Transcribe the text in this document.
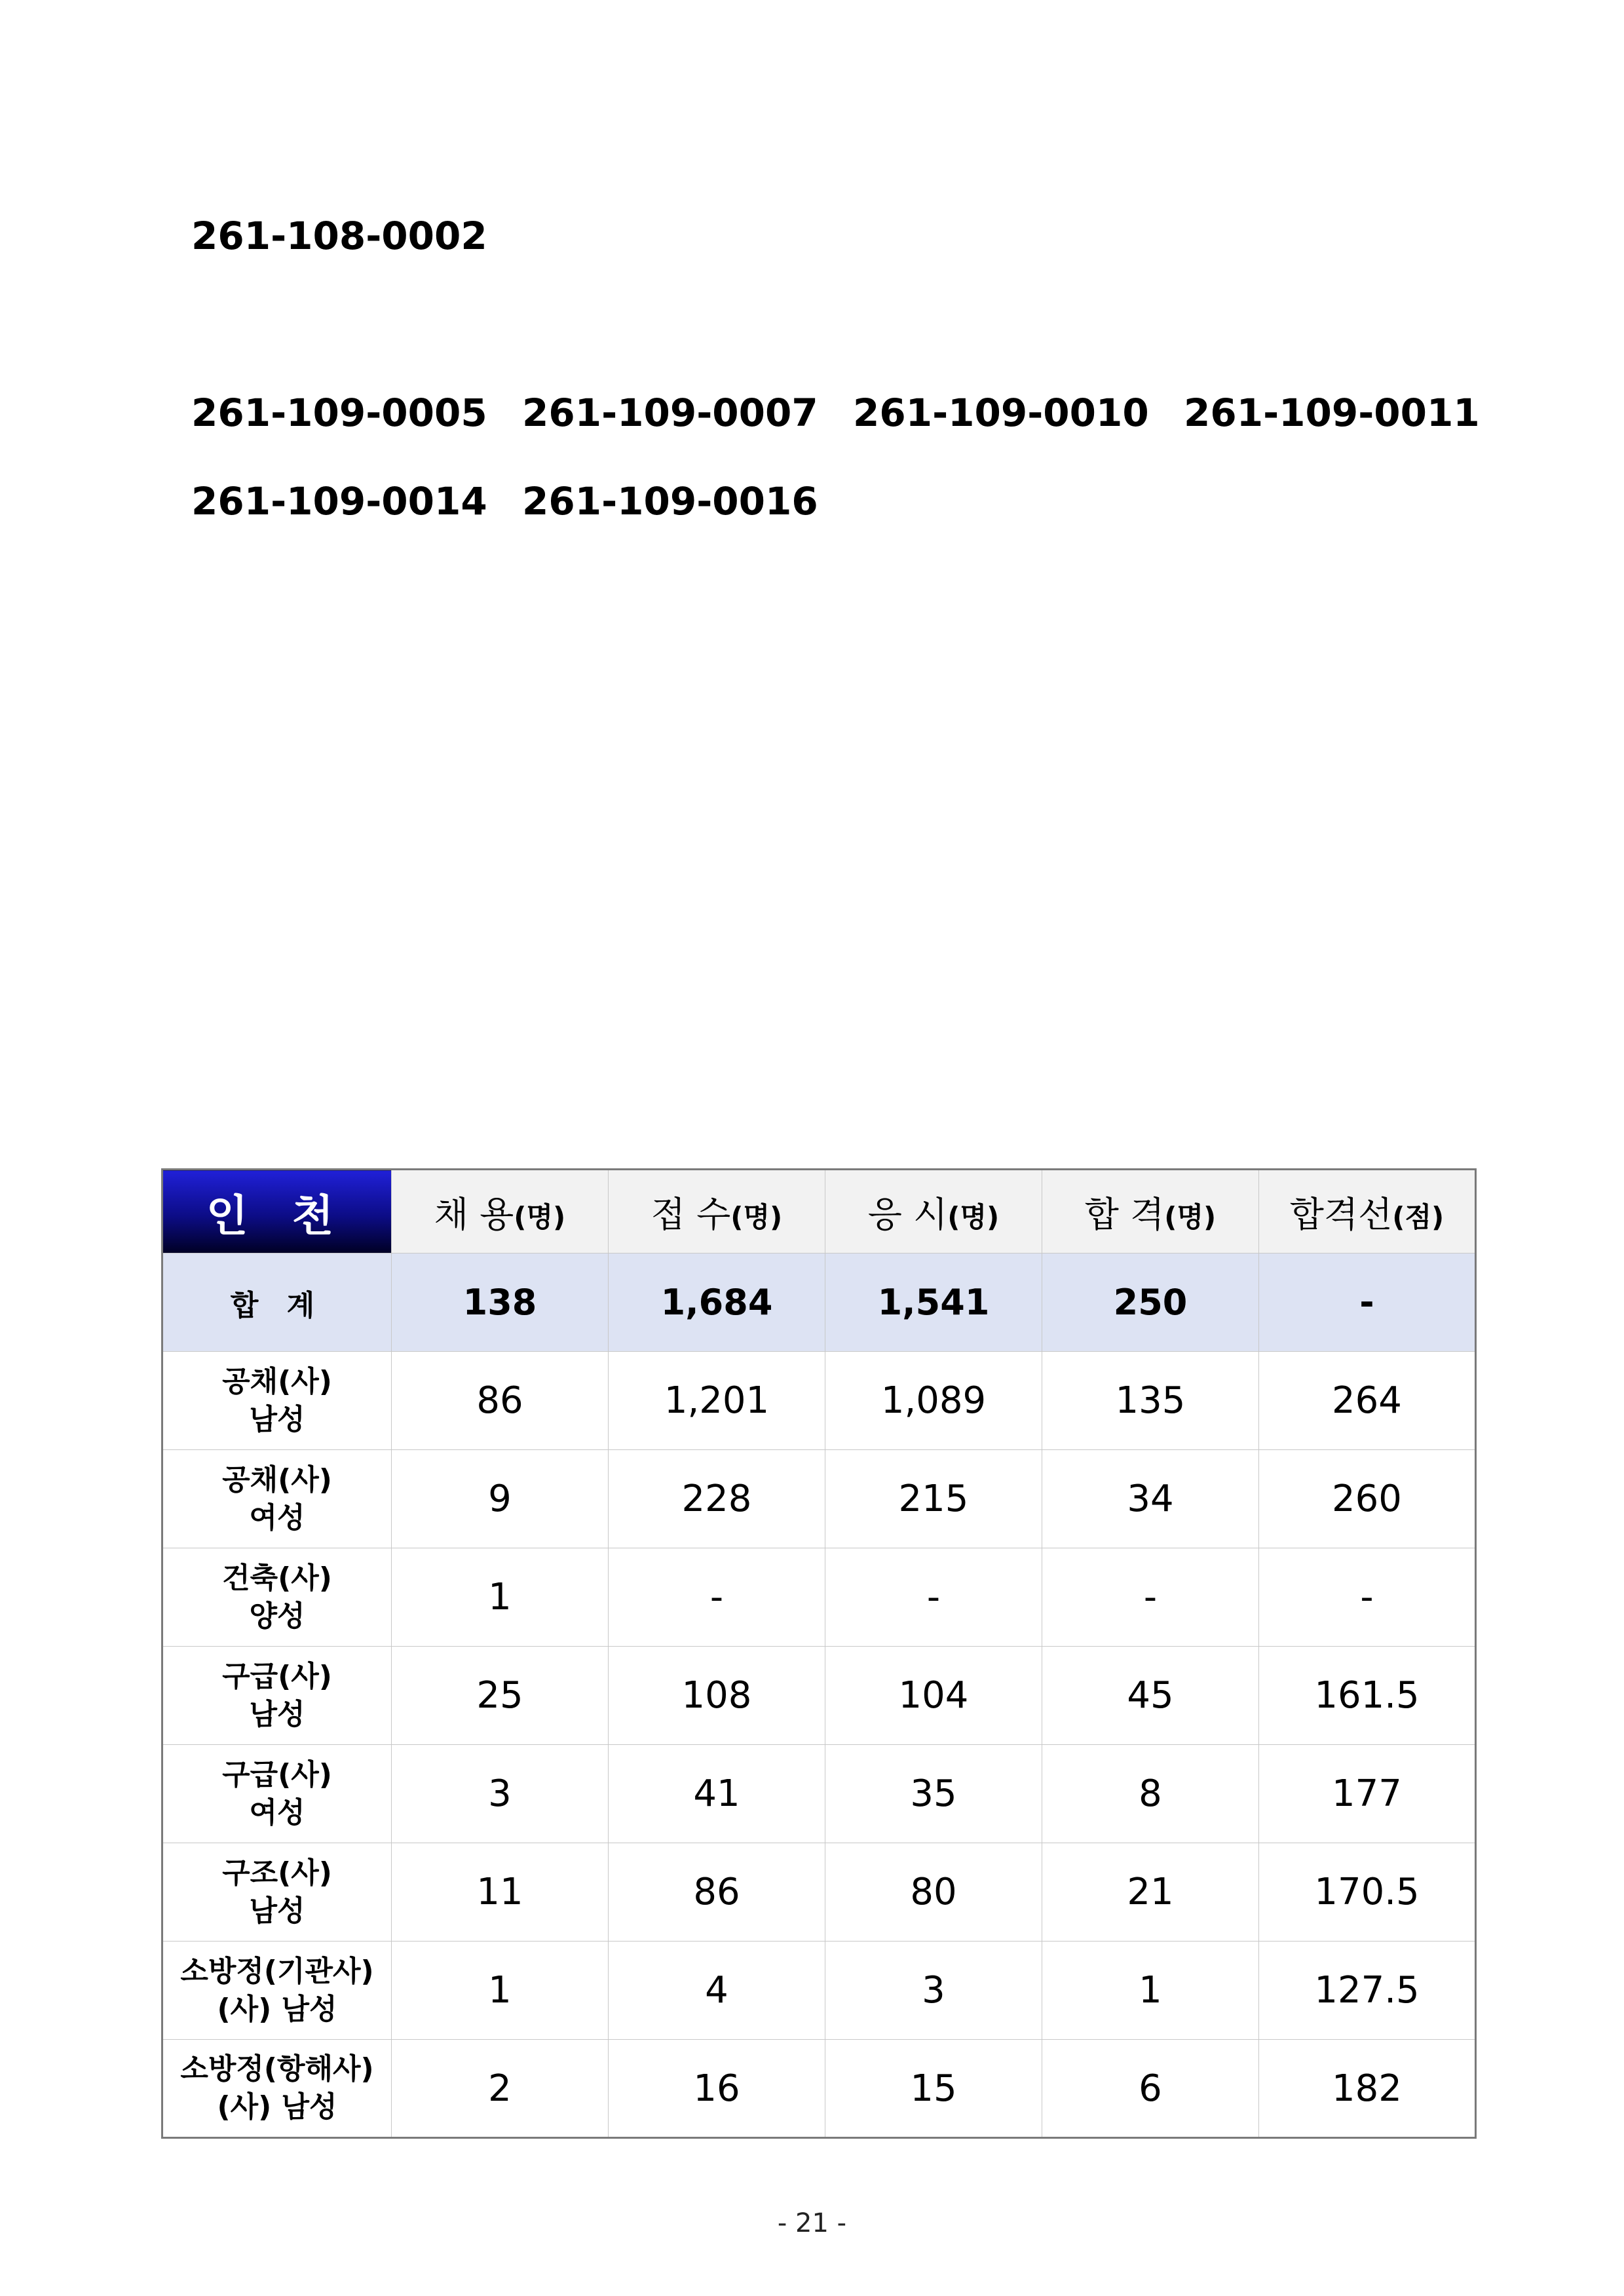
261-108-0002
261-109-0005 261-109-0007 261-109-0010 261-109-0011
261-109-0014 261-109-0016
인 천	채 용(명)	접 수(명)	응 시(명)	합 격(명)	합격선(점)
합 계	138	1,684	1,541	250	-

공채(사)
남성	86	1,201	1,089	135	264

공채(사)
여성	9	228	215	34	260

건축(사)
양성	1	-	-	-	-

구급(사)
남성	25	108	104	45	161.5

구급(사)
여성	3	41	35	8	177

구조(사)
남성	11	86	80	21	170.5

소방정(기관사)
(사) 남성	1	4	3	1	127.5

소방정(항해사)
(사) 남성	2	16	15	6	182
- 21 -
